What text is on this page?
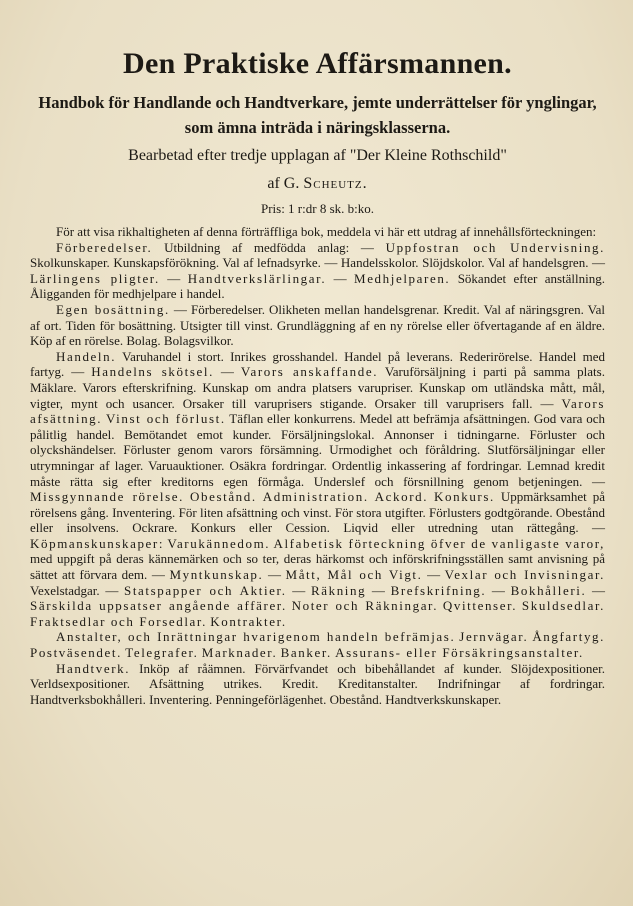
Den Praktiske Affärsmannen.

Handbok för Handlande och Handtverkare, jemte underrättelser för ynglingar, som ämna inträda i näringsklasserna.

Bearbetad efter tredje upplagan af "Der Kleine Rothschild"

af G. Scheutz.

Pris: 1 r:dr 8 sk. b:ko.

För att visa rikhaltigheten af denna förträffliga bok, meddela vi här ett utdrag af innehållsförteckningen:

Förberedelser. Utbildning af medfödda anlag: — Uppfostran och Undervisning. Skolkunskaper. Kunskapsförökning. Val af lefnadsyrke. — Handelsskolor. Slöjdskolor. Val af handelsgren. — Lärlingens pligter. — Handtverkslärlingar. — Medhjelparen. Sökandet efter anställning. Åligganden för medhjelpare i handel.

Egen bosättning. — Förberedelser. Olikheten mellan handelsgrenar. Kredit. Val af näringsgren. Val af ort. Tiden för bosättning. Utsigter till vinst. Grundläggning af en ny rörelse eller öfvertagande af en äldre. Köp af en rörelse. Bolag. Bolagsvilkor.

Handeln. Varuhandel i stort. Inrikes grosshandel. Handel på leverans. Rederirörelse. Handel med fartyg. — Handelns skötsel. — Varors anskaffande. Varuförsäljning i parti på samma plats. Mäklare. Varors efterskrifning. Kunskap om andra platsers varupriser. Kunskap om utländska mått, mål, vigter, mynt och usancer. Orsaker till varuprisers stigande. Orsaker till varuprisers fall. — Varors afsättning. Vinst och förlust. Täflan eller konkurrens. Medel att befrämja afsättningen. God vara och pålitlig handel. Bemötandet emot kunder. Försäljningslokal. Annonser i tidningarne. Förluster och olyckshändelser. Förluster genom varors försämning. Urmodighet och föråldring. Slutförsäljningar eller utrymningar af lager. Varuauktioner. Osäkra fordringar. Ordentlig inkassering af fordringar. Lemnad kredit måste rätta sig efter kreditorns egen förmåga. Underslef och försnillning genom betjeningen. — Missgynnande rörelse. Obestånd. Administration. Ackord. Konkurs. Uppmärksamhet på rörelsens gång. Inventering. För liten afsättning och vinst. För stora utgifter. Förlusters godtgörande. Obestånd eller insolvens. Ockrare. Konkurs eller Cession. Liqvid eller utredning utan rättegång. — Köpmanskunskaper: Varukännedom. Alfabetisk förteckning öfver de vanligaste varor, med uppgift på deras kännemärken och so ter, deras härkomst och införskrifningsställen samt anvisning på sättet att förvara dem. — Myntkunskap. — Mått, Mål och Vigt. — Vexlar och Invisningar. Vexelstadgar. — Statspapper och Aktier. — Räkning — Brefskrifning. — Bokhålleri. — Särskilda uppsatser angående affärer. Noter och Räkningar. Qvittenser. Skuldsedlar. Fraktsedlar och Forsedlar. Kontrakter.

Anstalter, och Inrättningar hvarigenom handeln befrämjas. Jernvägar. Ångfartyg. Postväsendet. Telegrafer. Marknader. Banker. Assurans- eller Försäkringsanstalter.

Handtverk. Inköp af råämnen. Förvärfvandet och bibehållandet af kunder. Slöjdexpositioner. Verldsexpositioner. Afsättning utrikes. Kredit. Kreditanstalter. Indrifningar af fordringar. Handtverksbokhålleri. Inventering. Penningeförlägenhet. Obestånd. Handtverkskunskaper.
